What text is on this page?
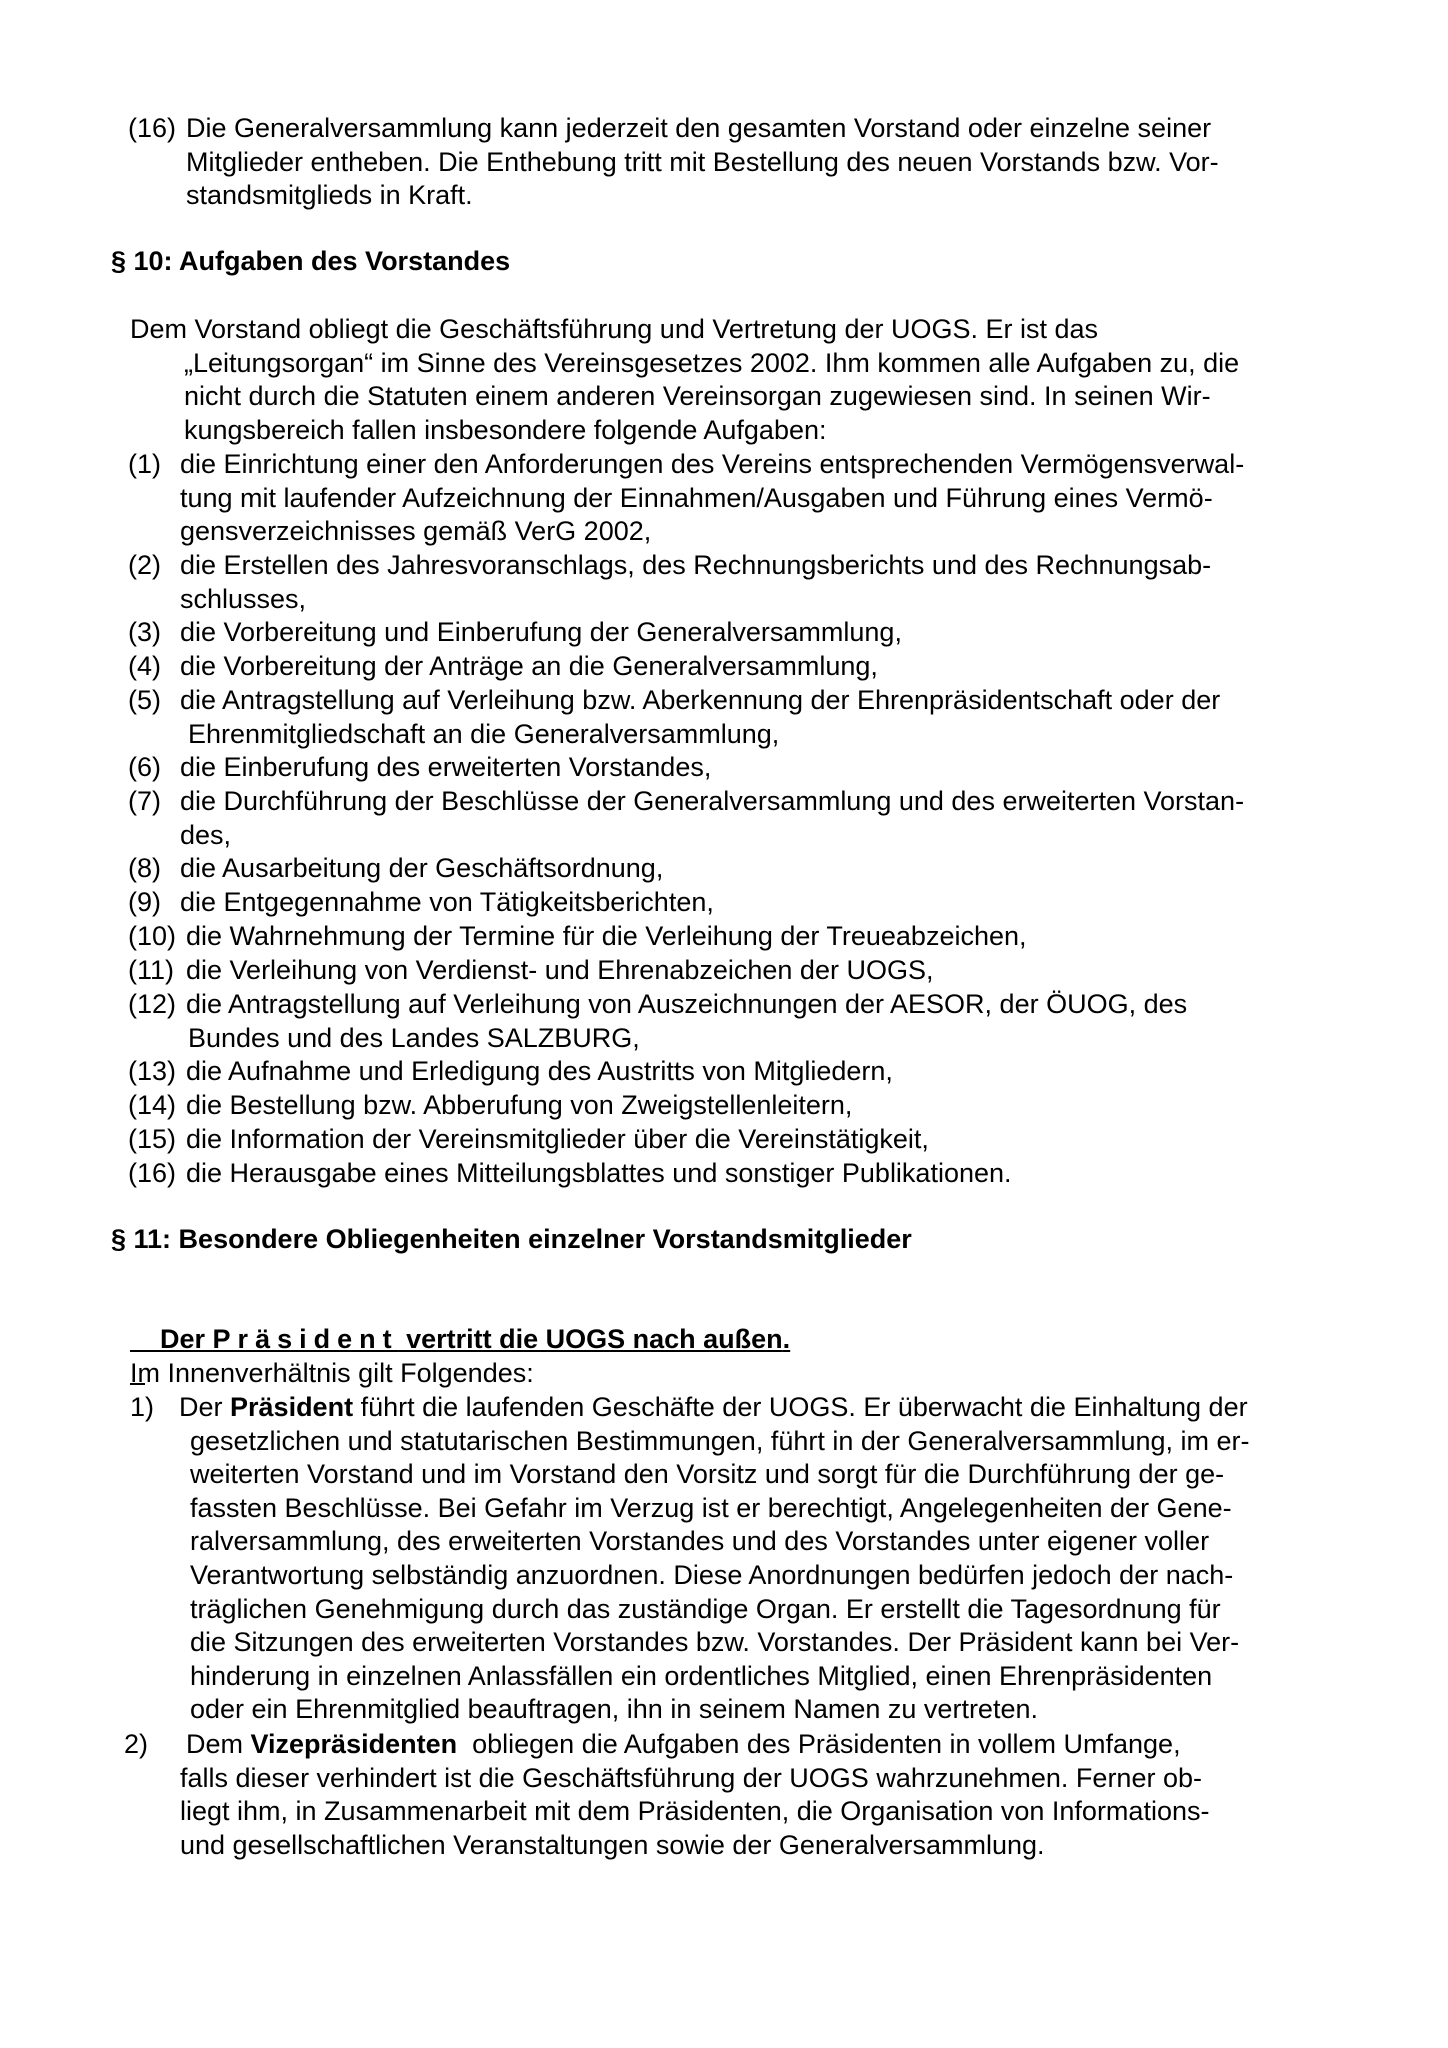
(16) Die Generalversammlung kann jederzeit den gesamten Vorstand oder einzelne seiner
Mitglieder entheben. Die Enthebung tritt mit Bestellung des neuen Vorstands bzw. Vor-
standsmitglieds in Kraft.
§ 10: Aufgaben des Vorstandes
Dem Vorstand obliegt die Geschäftsführung und Vertretung der UOGS. Er ist das
„Leitungsorgan“ im Sinne des Vereinsgesetzes 2002. Ihm kommen alle Aufgaben zu, die
nicht durch die Statuten einem anderen Vereinsorgan zugewiesen sind. In seinen Wir-
kungsbereich fallen insbesondere folgende Aufgaben:
(1) die Einrichtung einer den Anforderungen des Vereins entsprechenden Vermögensverwal-
tung mit laufender Aufzeichnung der Einnahmen/Ausgaben und Führung eines Vermö-
gensverzeichnisses gemäß VerG 2002,
(2) die Erstellen des Jahresvoranschlags, des Rechnungsberichts und des Rechnungsab-
schlusses,
(3) die Vorbereitung und Einberufung der Generalversammlung,
(4) die Vorbereitung der Anträge an die Generalversammlung,
(5) die Antragstellung auf Verleihung bzw. Aberkennung der Ehrenpräsidentschaft oder der
Ehrenmitgliedschaft an die Generalversammlung,
(6) die Einberufung des erweiterten Vorstandes,
(7) die Durchführung der Beschlüsse der Generalversammlung und des erweiterten Vorstan-
des,
(8) die Ausarbeitung der Geschäftsordnung,
(9) die Entgegennahme von Tätigkeitsberichten,
(10) die Wahrnehmung der Termine für die Verleihung der Treueabzeichen,
(11) die Verleihung von Verdienst- und Ehrenabzeichen der UOGS,
(12) die Antragstellung auf Verleihung von Auszeichnungen der AESOR, der ÖUOG, des
Bundes und des Landes SALZBURG,
(13) die Aufnahme und Erledigung des Austritts von Mitgliedern,
(14) die Bestellung bzw. Abberufung von Zweigstellenleitern,
(15) die Information der Vereinsmitglieder über die Vereinstätigkeit,
(16) die Herausgabe eines Mitteilungsblattes und sonstiger Publikationen.
§ 11: Besondere Obliegenheiten einzelner Vorstandsmitglieder

Der Präsident vertritt die UOGS nach außen.

Im Innenverhältnis gilt Folgendes:
1) Der Präsident führt die laufenden Geschäfte der UOGS. Er überwacht die Einhaltung der
gesetzlichen und statutarischen Bestimmungen, führt in der Generalversammlung, im er-
weiterten Vorstand und im Vorstand den Vorsitz und sorgt für die Durchführung der ge-
fassten Beschlüsse. Bei Gefahr im Verzug ist er berechtigt, Angelegenheiten der Gene-
ralversammlung, des erweiterten Vorstandes und des Vorstandes unter eigener voller
Verantwortung selbständig anzuordnen. Diese Anordnungen bedürfen jedoch der nach-
träglichen Genehmigung durch das zuständige Organ. Er erstellt die Tagesordnung für
die Sitzungen des erweiterten Vorstandes bzw. Vorstandes. Der Präsident kann bei Ver-
hinderung in einzelnen Anlassfällen ein ordentliches Mitglied, einen Ehrenpräsidenten
oder ein Ehrenmitglied beauftragen, ihn in seinem Namen zu vertreten.
2) Dem Vizepräsidenten  obliegen die Aufgaben des Präsidenten in vollem Umfange,
falls dieser verhindert ist die Geschäftsführung der UOGS wahrzunehmen. Ferner ob-
liegt ihm, in Zusammenarbeit mit dem Präsidenten, die Organisation von Informations-
und gesellschaftlichen Veranstaltungen sowie der Generalversammlung.
